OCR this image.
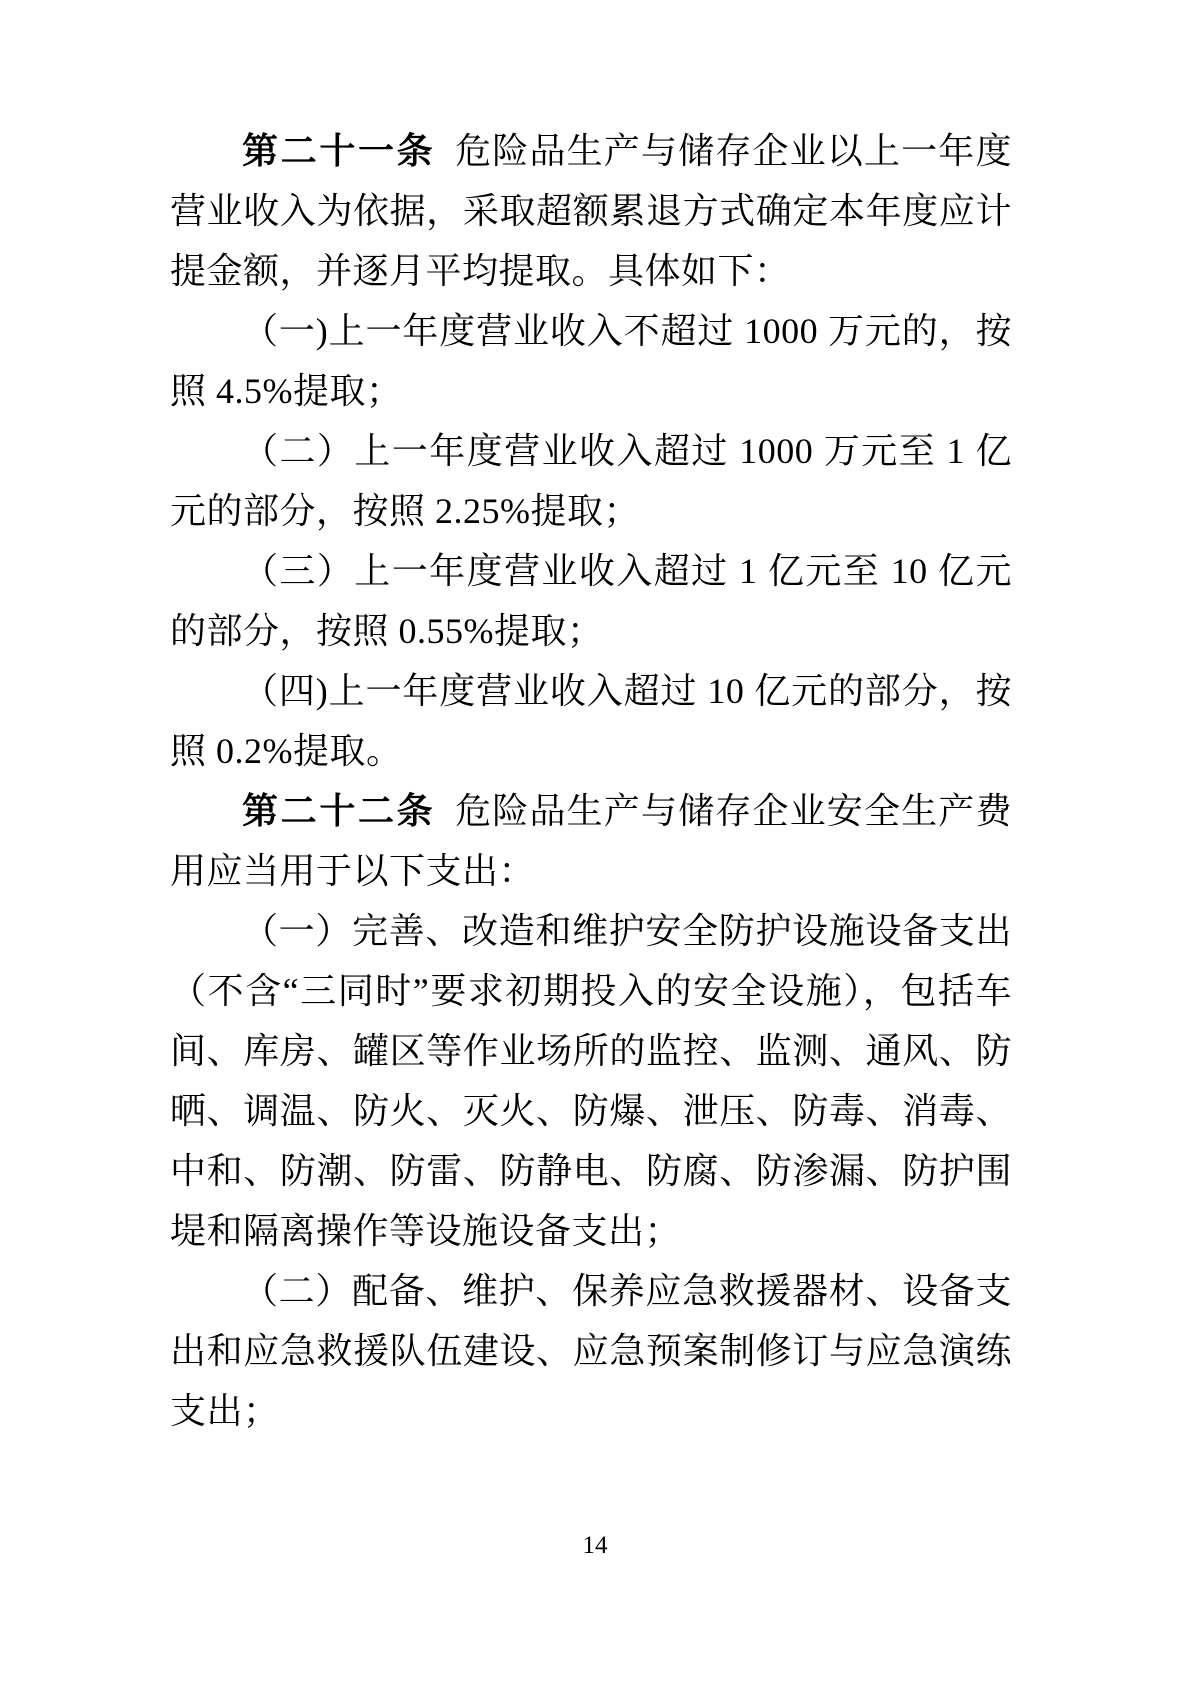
第二十一条 危险品生产与储存企业以上一年度营业收入为依据，采取超额累退方式确定本年度应计提金额，并逐月平均提取。具体如下：

（一)上一年度营业收入不超过 1000 万元的，按照 4.5%提取；

（二）上一年度营业收入超过 1000 万元至 1 亿元的部分，按照 2.25%提取；

（三）上一年度营业收入超过 1 亿元至 10 亿元的部分，按照 0.55%提取；

（四)上一年度营业收入超过 10 亿元的部分，按照 0.2%提取。

第二十二条 危险品生产与储存企业安全生产费用应当用于以下支出：

（一）完善、改造和维护安全防护设施设备支出（不含“三同时”要求初期投入的安全设施），包括车间、库房、罐区等作业场所的监控、监测、通风、防晒、调温、防火、灭火、防爆、泄压、防毒、消毒、中和、防潮、防雷、防静电、防腐、防渗漏、防护围堤和隔离操作等设施设备支出；

（二）配备、维护、保养应急救援器材、设备支出和应急救援队伍建设、应急预案制修订与应急演练支出；

14
